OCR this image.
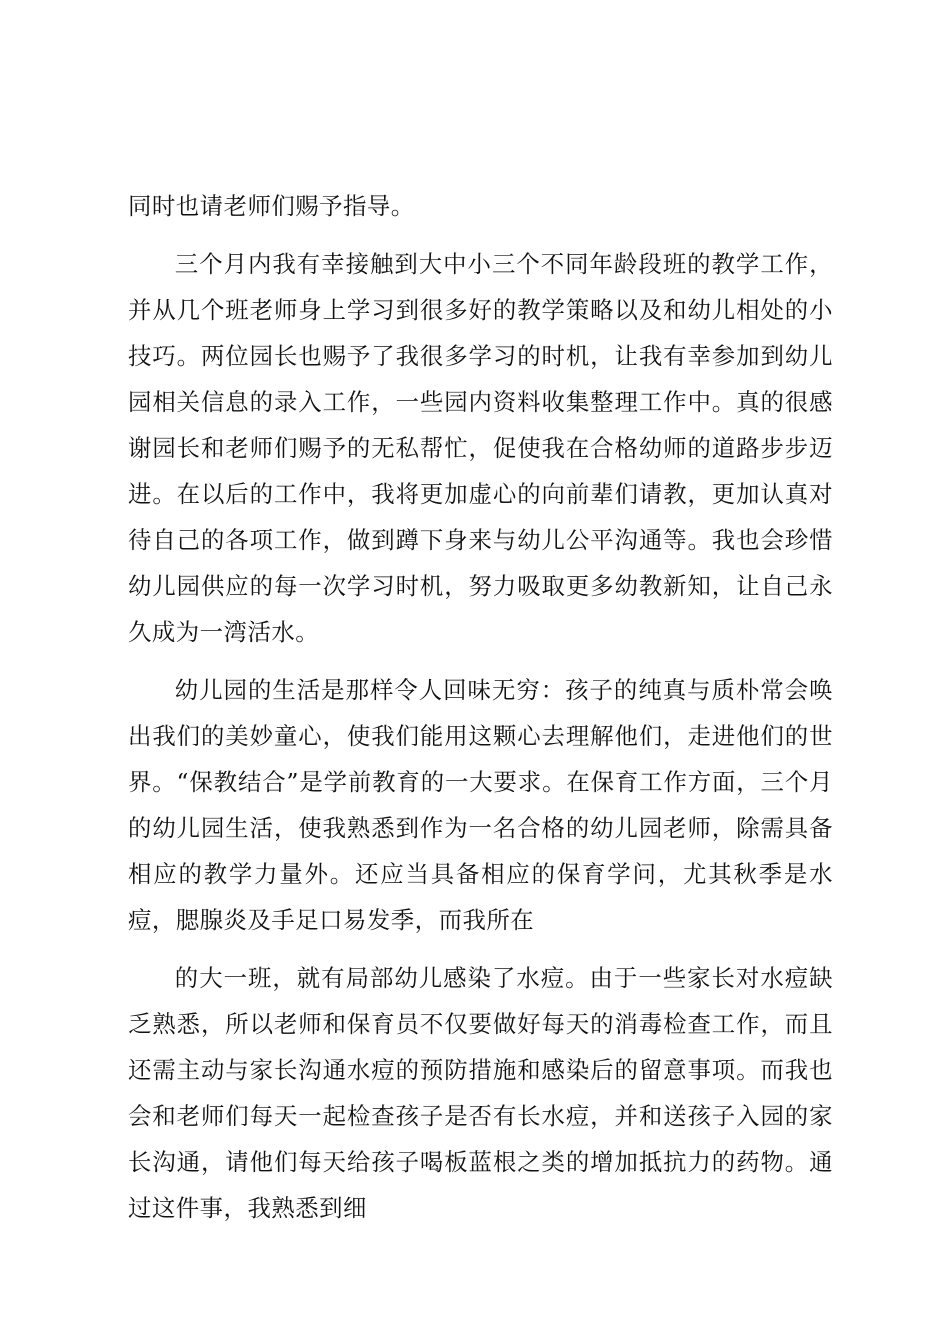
同时也请老师们赐予指导。

三个月内我有幸接触到大中小三个不同年龄段班的教学工作，并从几个班老师身上学习到很多好的教学策略以及和幼儿相处的小技巧。两位园长也赐予了我很多学习的时机，让我有幸参加到幼儿园相关信息的录入工作，一些园内资料收集整理工作中。真的很感谢园长和老师们赐予的无私帮忙，促使我在合格幼师的道路步步迈进。在以后的工作中，我将更加虚心的向前辈们请教，更加认真对待自己的各项工作，做到蹲下身来与幼儿公平沟通等。我也会珍惜幼儿园供应的每一次学习时机，努力吸取更多幼教新知，让自己永久成为一湾活水。

幼儿园的生活是那样令人回味无穷：孩子的纯真与质朴常会唤出我们的美妙童心，使我们能用这颗心去理解他们，走进他们的世界。“保教结合”是学前教育的一大要求。在保育工作方面，三个月的幼儿园生活，使我熟悉到作为一名合格的幼儿园老师，除需具备相应的教学力量外。还应当具备相应的保育学问，尤其秋季是水痘，腮腺炎及手足口易发季，而我所在

的大一班，就有局部幼儿感染了水痘。由于一些家长对水痘缺乏熟悉，所以老师和保育员不仅要做好每天的消毒检查工作，而且还需主动与家长沟通水痘的预防措施和感染后的留意事项。而我也会和老师们每天一起检查孩子是否有长水痘，并和送孩子入园的家长沟通，请他们每天给孩子喝板蓝根之类的增加抵抗力的药物。通过这件事，我熟悉到细
